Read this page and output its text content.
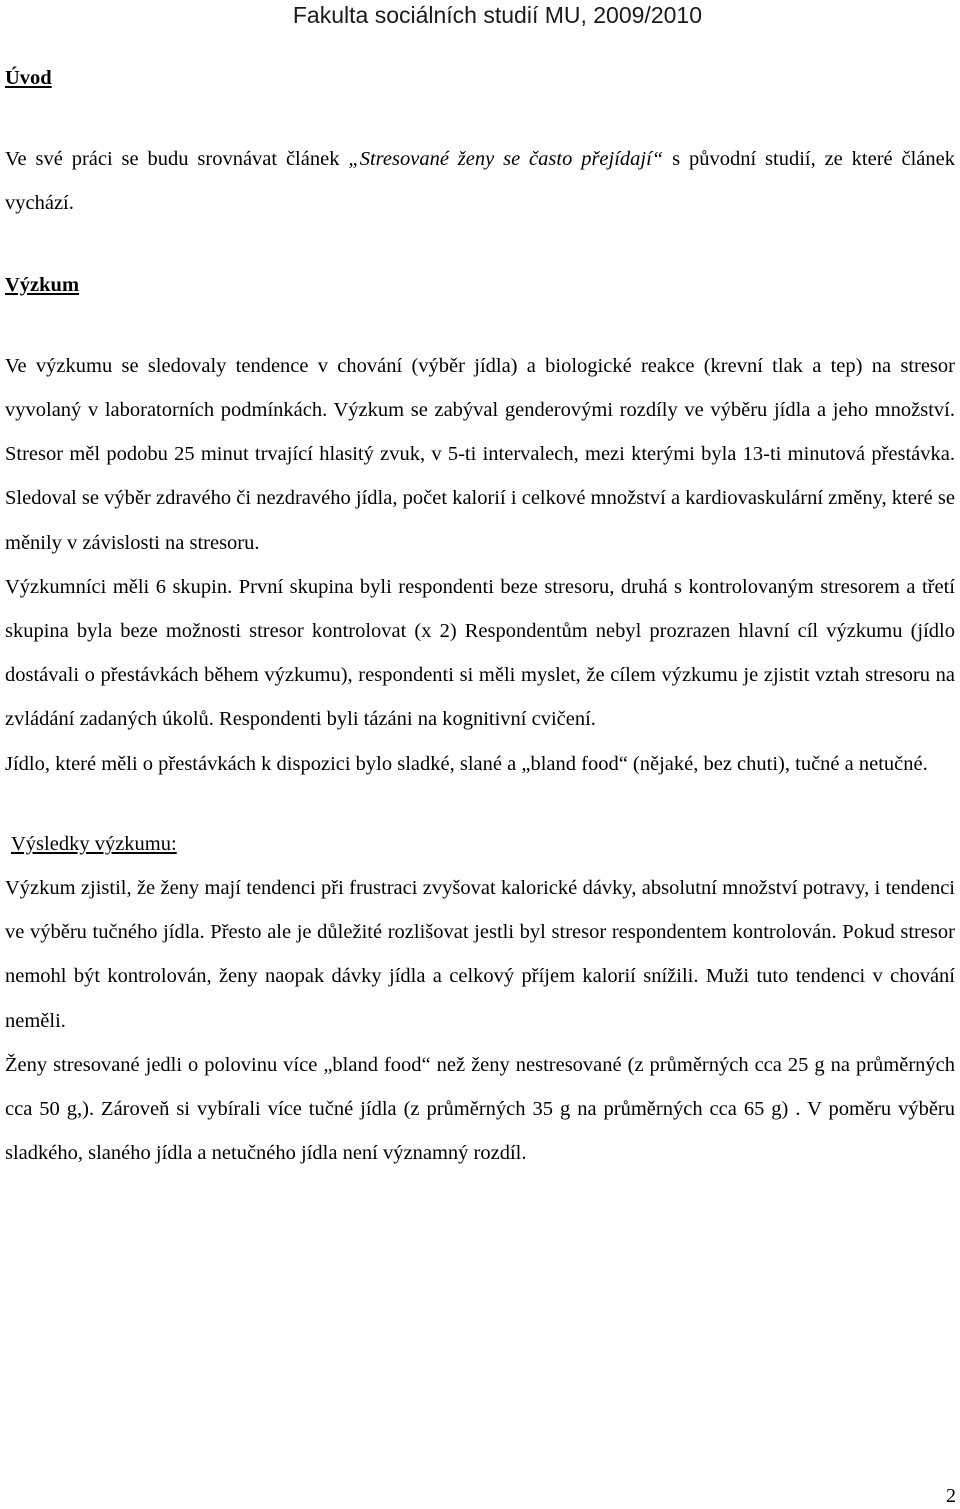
Fakulta sociálních studií MU, 2009/2010

Úvod

Ve své práci se budu srovnávat článek „Stresované ženy se často přejídají“ s původní studií, ze které článek vychází.

Výzkum

Ve výzkumu se sledovaly tendence v chování (výběr jídla) a biologické reakce (krevní tlak a tep) na stresor vyvolaný v laboratorních podmínkách. Výzkum se zabýval genderovými rozdíly ve výběru jídla a jeho množství. Stresor měl podobu 25 minut trvající hlasitý zvuk, v 5-ti intervalech, mezi kterými byla 13-ti minutová přestávka. Sledoval se výběr zdravého či nezdravého jídla, počet kalorií i celkové množství a kardiovaskulární změny, které se měnily v závislosti na stresoru.

Výzkumníci měli 6 skupin. První skupina byli respondenti beze stresoru, druhá s kontrolovaným stresorem a třetí skupina byla beze možnosti stresor kontrolovat (x 2) Respondentům nebyl prozrazen hlavní cíl výzkumu (jídlo dostávali o přestávkách během výzkumu), respondenti si měli myslet, že cílem výzkumu je zjistit vztah stresoru na zvládání zadaných úkolů. Respondenti byli tázáni na kognitivní cvičení.

Jídlo, které měli o přestávkách k dispozici bylo sladké, slané a „bland food“ (nějaké, bez chuti), tučné a netučné.

Výsledky výzkumu:

Výzkum zjistil, že ženy mají tendenci při frustraci zvyšovat kalorické dávky, absolutní množství potravy, i tendenci ve výběru tučného jídla. Přesto ale je důležité rozlišovat jestli byl stresor respondentem kontrolován. Pokud stresor nemohl být kontrolován, ženy naopak dávky jídla a celkový příjem kalorií snížili. Muži tuto tendenci v chování neměli.

Ženy stresované jedli o polovinu více „bland food“ než ženy nestresované (z průměrných cca 25 g na průměrných cca 50 g,). Zároveň si vybírali více tučné jídla (z průměrných 35 g na průměrných cca 65 g) . V poměru výběru sladkého, slaného jídla a netučného jídla není významný rozdíl.

2
